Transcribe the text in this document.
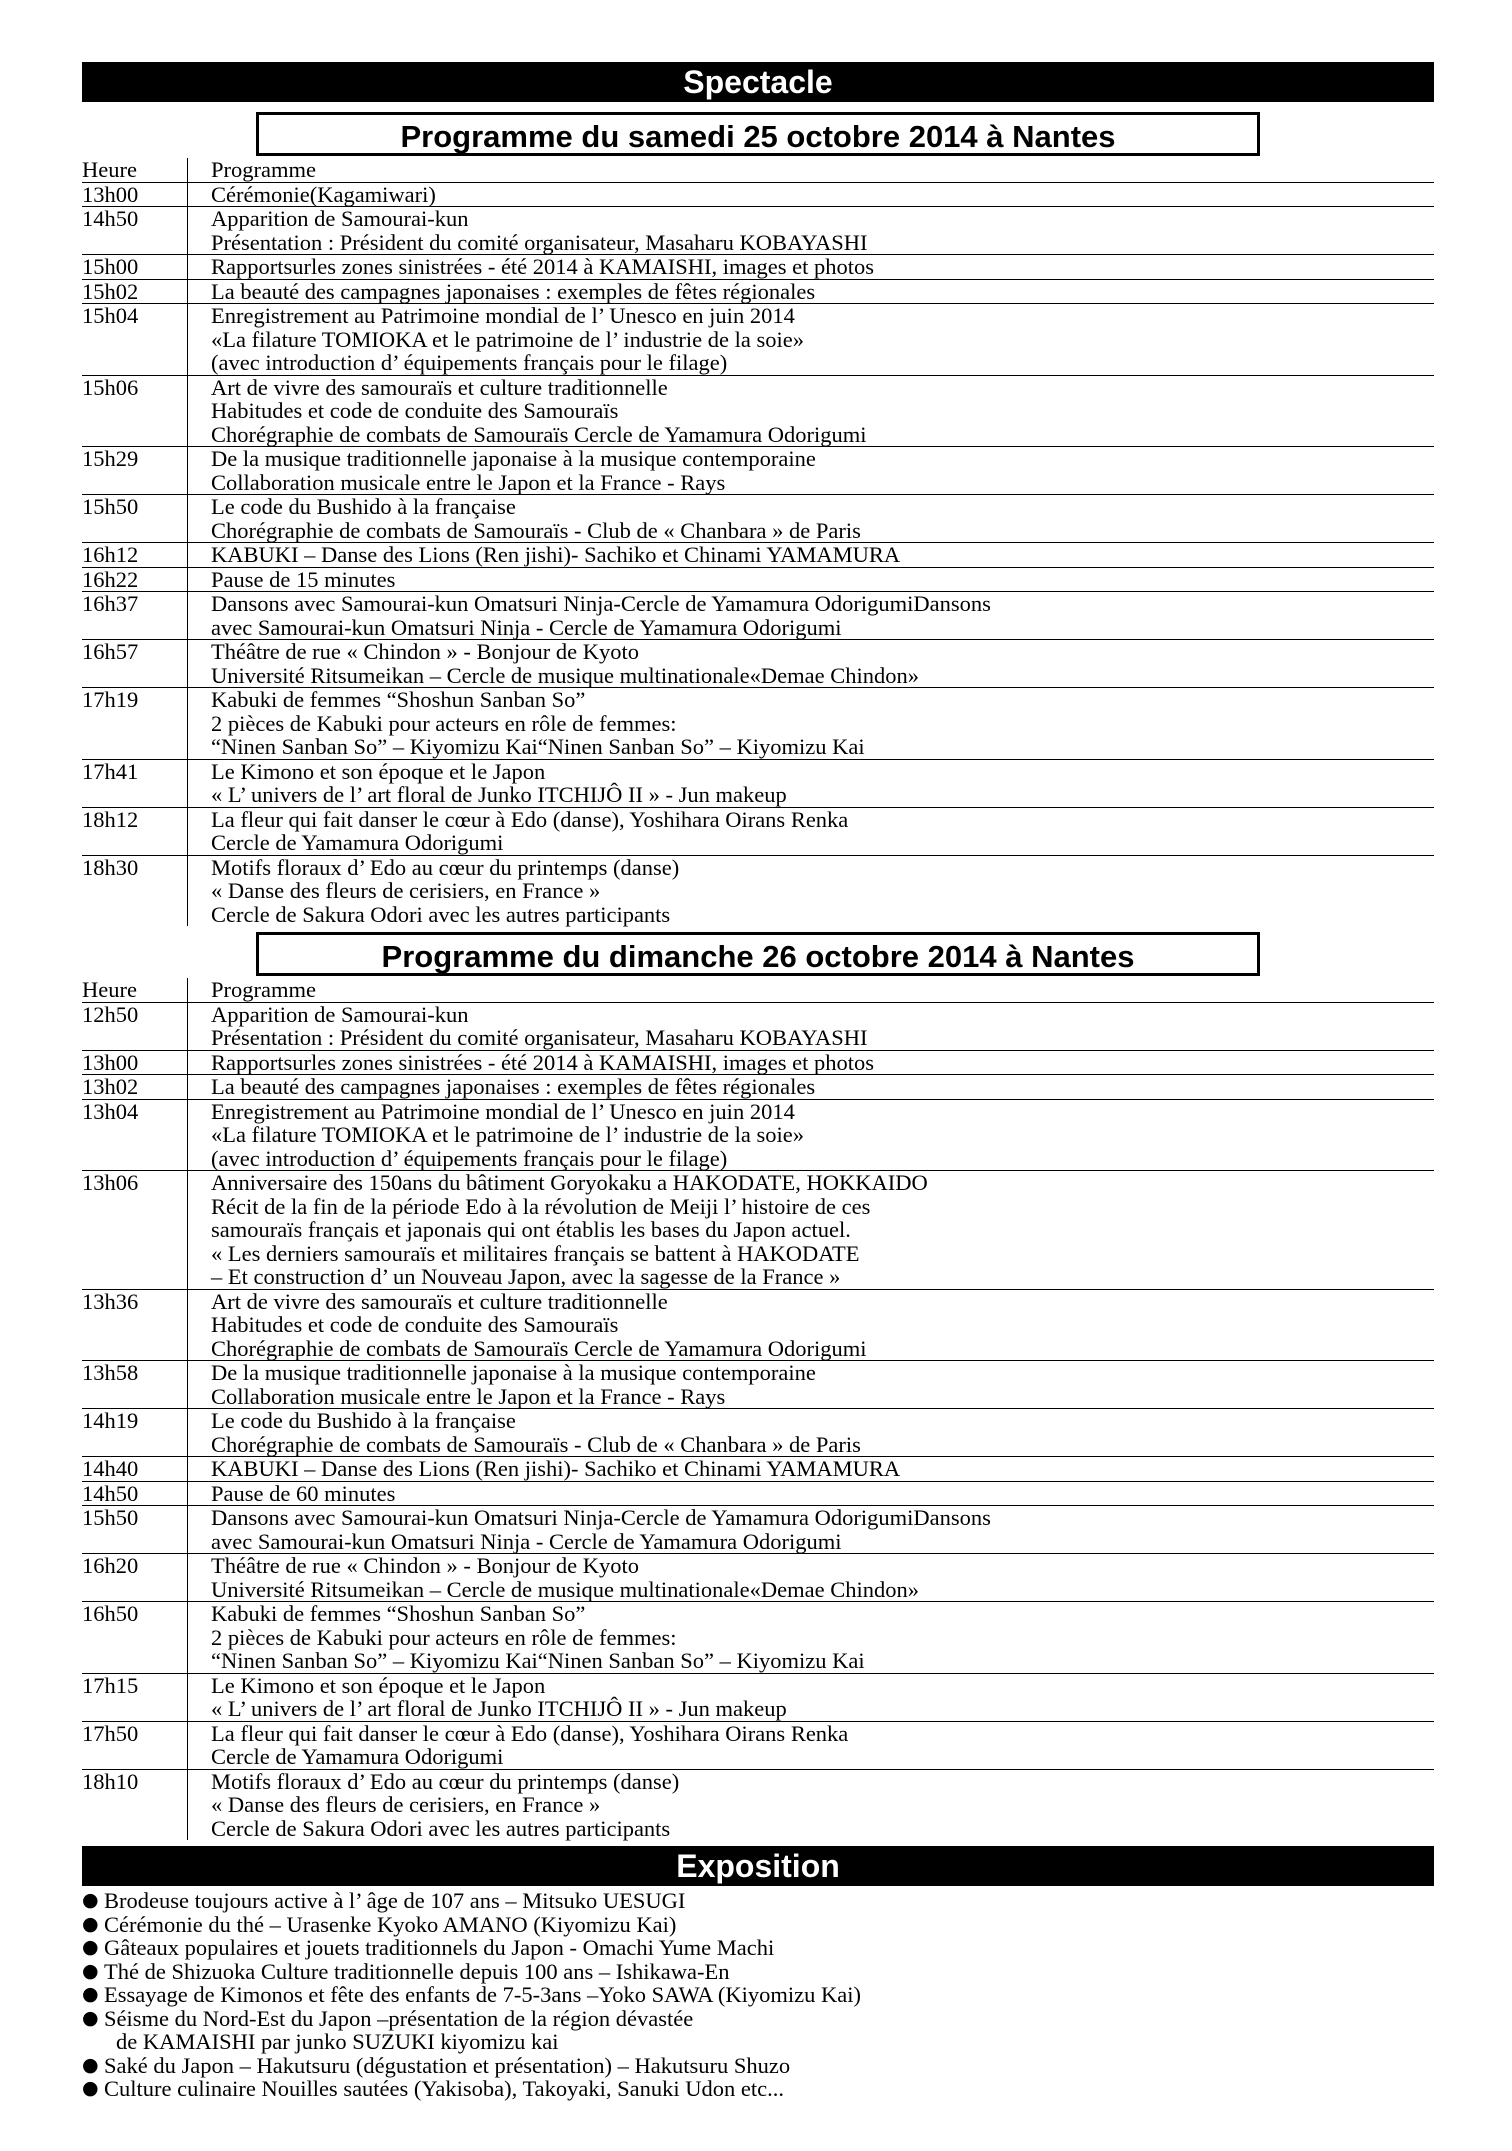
Spectacle
Programme du samedi 25 octobre 2014 à Nantes
Heure	Programme
13h00	Cérémonie(Kagamiwari)
14h50	Apparition de Samourai-kun
Présentation : Président du comité organisateur, Masaharu KOBAYASHI
15h00	Rapportsurles zones sinistrées - été 2014 à KAMAISHI, images et photos
15h02	La beauté des campagnes japonaises : exemples de fêtes régionales
15h04	Enregistrement au Patrimoine mondial de l’ Unesco en juin 2014
«La filature TOMIOKA et le patrimoine de l’ industrie de la soie»
(avec introduction d’ équipements français pour le filage)
15h06	Art de vivre des samouraïs et culture traditionnelle
Habitudes et code de conduite des Samouraïs
Chorégraphie de combats de Samouraïs Cercle de Yamamura Odorigumi
15h29	De la musique traditionnelle japonaise à la musique contemporaine
Collaboration musicale entre le Japon et la France - Rays
15h50	Le code du Bushido à la française
Chorégraphie de combats de Samouraïs - Club de « Chanbara » de Paris
16h12	KABUKI – Danse des Lions (Ren jishi)- Sachiko et Chinami YAMAMURA
16h22	Pause de 15 minutes
16h37	Dansons avec Samourai-kun Omatsuri Ninja-Cercle de Yamamura OdorigumiDansons
avec Samourai-kun Omatsuri Ninja - Cercle de Yamamura Odorigumi
16h57	Théâtre de rue « Chindon » - Bonjour de Kyoto
Université Ritsumeikan – Cercle de musique multinationale«Demae Chindon»
17h19	Kabuki de femmes “Shoshun Sanban So”
2 pièces de Kabuki pour acteurs en rôle de femmes:
“Ninen Sanban So” – Kiyomizu Kai“Ninen Sanban So” – Kiyomizu Kai
17h41	Le Kimono et son époque et le Japon
« L’ univers de l’ art floral de Junko ITCHIJÔ II » - Jun makeup
18h12	La fleur qui fait danser le cœur à Edo (danse), Yoshihara Oirans Renka
Cercle de Yamamura Odorigumi
18h30	Motifs floraux d’ Edo au cœur du printemps (danse)
« Danse des fleurs de cerisiers, en France »
Cercle de Sakura Odori avec les autres participants
Programme du dimanche 26 octobre 2014 à Nantes
Heure	Programme
12h50	Apparition de Samourai-kun
Présentation : Président du comité organisateur, Masaharu KOBAYASHI
13h00	Rapportsurles zones sinistrées - été 2014 à KAMAISHI, images et photos
13h02	La beauté des campagnes japonaises : exemples de fêtes régionales
13h04	Enregistrement au Patrimoine mondial de l’ Unesco en juin 2014
«La filature TOMIOKA et le patrimoine de l’ industrie de la soie»
(avec introduction d’ équipements français pour le filage)
13h06	Anniversaire des 150ans du bâtiment Goryokaku a HAKODATE, HOKKAIDO
Récit de la fin de la période Edo à la révolution de Meiji l’ histoire de ces
samouraïs français et japonais qui ont établis les bases du Japon actuel.
« Les derniers samouraïs et militaires français se battent à HAKODATE
– Et construction d’ un Nouveau Japon, avec la sagesse de la France »
13h36	Art de vivre des samouraïs et culture traditionnelle
Habitudes et code de conduite des Samouraïs
Chorégraphie de combats de Samouraïs Cercle de Yamamura Odorigumi
13h58	De la musique traditionnelle japonaise à la musique contemporaine
Collaboration musicale entre le Japon et la France - Rays
14h19	Le code du Bushido à la française
Chorégraphie de combats de Samouraïs - Club de « Chanbara » de Paris
14h40	KABUKI – Danse des Lions (Ren jishi)- Sachiko et Chinami YAMAMURA
14h50	Pause de 60 minutes
15h50	Dansons avec Samourai-kun Omatsuri Ninja-Cercle de Yamamura OdorigumiDansons
avec Samourai-kun Omatsuri Ninja - Cercle de Yamamura Odorigumi
16h20	Théâtre de rue « Chindon » - Bonjour de Kyoto
Université Ritsumeikan – Cercle de musique multinationale«Demae Chindon»
16h50	Kabuki de femmes “Shoshun Sanban So”
2 pièces de Kabuki pour acteurs en rôle de femmes:
“Ninen Sanban So” – Kiyomizu Kai“Ninen Sanban So” – Kiyomizu Kai
17h15	Le Kimono et son époque et le Japon
« L’ univers de l’ art floral de Junko ITCHIJÔ II » - Jun makeup
17h50	La fleur qui fait danser le cœur à Edo (danse), Yoshihara Oirans Renka
Cercle de Yamamura Odorigumi
18h10	Motifs floraux d’ Edo au cœur du printemps (danse)
« Danse des fleurs de cerisiers, en France »
Cercle de Sakura Odori avec les autres participants
Exposition
● Brodeuse toujours active à l’ âge de 107 ans – Mitsuko UESUGI
● Cérémonie du thé – Urasenke Kyoko AMANO (Kiyomizu Kai)
● Gâteaux populaires et jouets traditionnels du Japon - Omachi Yume Machi
● Thé de Shizuoka Culture traditionnelle depuis 100 ans – Ishikawa-En
● Essayage de Kimonos et fête des enfants de 7-5-3ans –Yoko SAWA (Kiyomizu Kai)
● Séisme du Nord-Est du Japon –présentation de la région dévastée
de KAMAISHI par junko SUZUKI kiyomizu kai
● Saké du Japon – Hakutsuru (dégustation et présentation) – Hakutsuru Shuzo
● Culture culinaire Nouilles sautées (Yakisoba), Takoyaki, Sanuki Udon etc...
